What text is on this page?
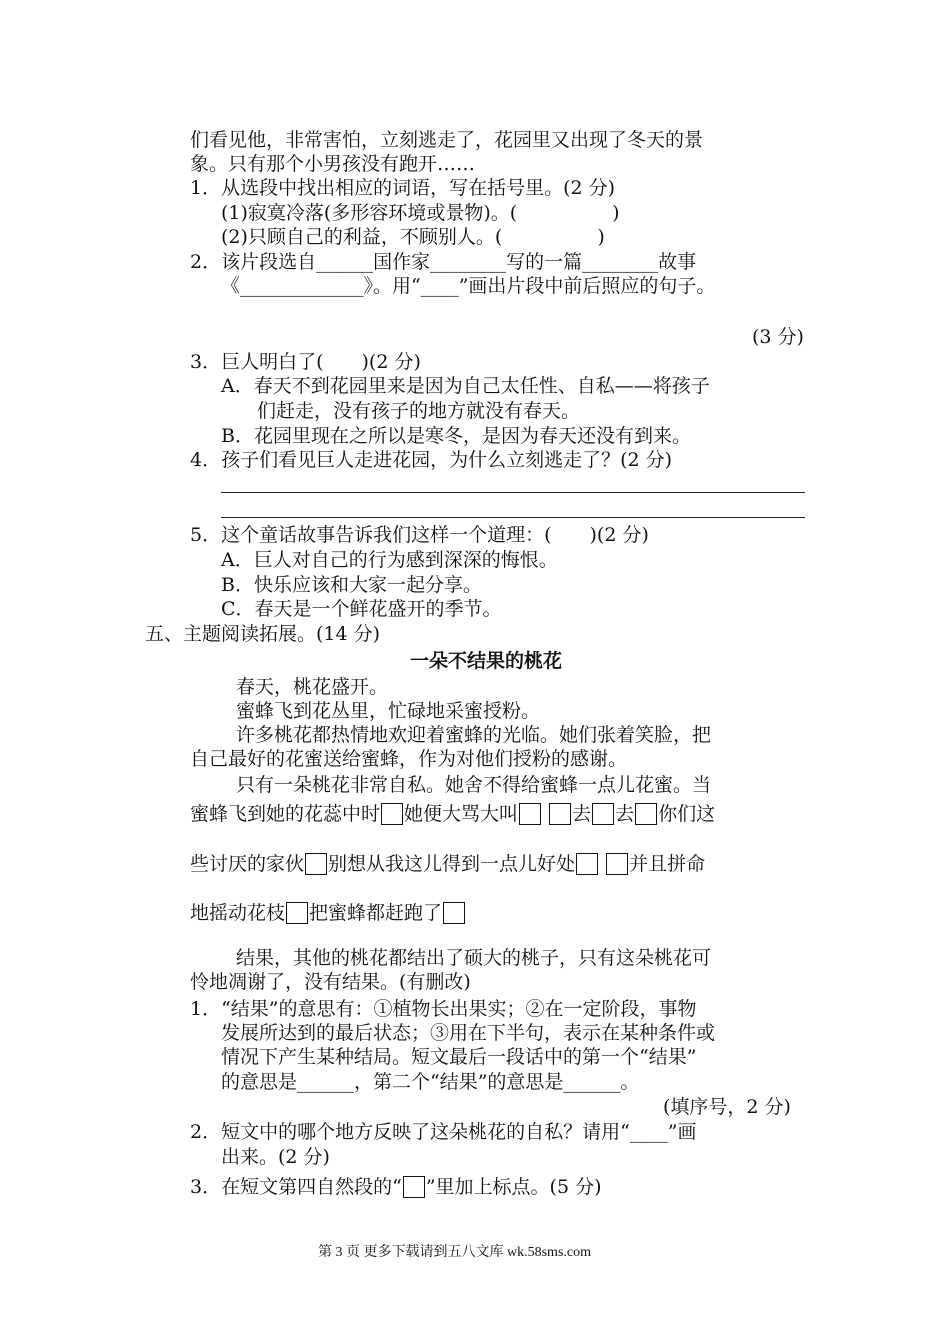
们看见他，非常害怕，立刻逃走了，花园里又出现了冬天的景
象。只有那个小男孩没有跑开……
1．从选段中找出相应的词语，写在括号里。(2 分)
(1)寂寞冷落(多形容环境或景物)。(　　　　　)
(2)只顾自己的利益，不顾别人。(　　　　　)
2．该片段选自______国作家________写的一篇________故事
《_____________》。用“____”画出片段中前后照应的句子。
(3 分)
3．巨人明白了(　　)(2 分)
A．春天不到花园里来是因为自己太任性、自私——将孩子
们赶走，没有孩子的地方就没有春天。
B．花园里现在之所以是寒冬，是因为春天还没有到来。
4．孩子们看见巨人走进花园，为什么立刻逃走了？(2 分)
5．这个童话故事告诉我们这样一个道理：(　　)(2 分)
A．巨人对自己的行为感到深深的悔恨。
B．快乐应该和大家一起分享。
C．春天是一个鲜花盛开的季节。
五、主题阅读拓展。(14 分)
一朵不结果的桃花
春天，桃花盛开。
蜜蜂飞到花丛里，忙碌地采蜜授粉。
许多桃花都热情地欢迎着蜜蜂的光临。她们张着笑脸，把
自己最好的花蜜送给蜜蜂，作为对他们授粉的感谢。
只有一朵桃花非常自私。她舍不得给蜜蜂一点儿花蜜。当
蜜蜂飞到她的花蕊中时 她便大骂大叫	去 去 你们这
些讨厌的家伙 别想从我这儿得到一点儿好处	并且拼命
地摇动花枝 把蜜蜂都赶跑了
结果，其他的桃花都结出了硕大的桃子，只有这朵桃花可
怜地凋谢了，没有结果。(有删改)
1．“结果”的意思有：①植物长出果实；②在一定阶段，事物
发展所达到的最后状态；③用在下半句，表示在某种条件或
情况下产生某种结局。短文最后一段话中的第一个“结果”
的意思是______，第二个“结果”的意思是______。
(填序号，2 分)
2．短文中的哪个地方反映了这朵桃花的自私？请用“____”画
出来。(2 分)
3．在短文第四自然段的“ ”里加上标点。(5 分)
第 3 页 更多下载请到五八文库 wk.58sms.com
